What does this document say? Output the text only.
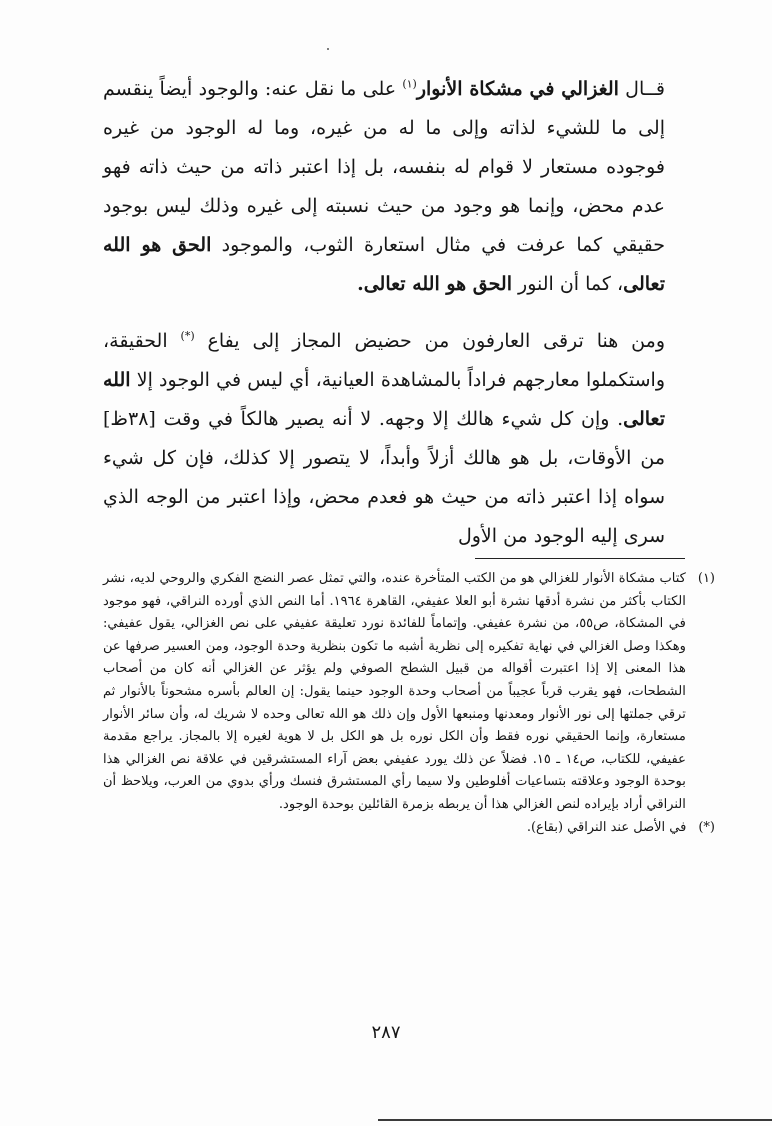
قــال الغزالي في مشكاة الأنوار$^{(١)}$ على ما نقل عنه: والوجود أيضاً ينقسم إلى ما للشيء لذاته وإلى ما له من غيره، وما له الوجود من غيره فوجوده مستعار لا قوام له بنفسه، بل إذا اعتبر ذاته من حيث ذاته فهو عدم محض، وإنما هو وجود من حيث نسبته إلى غيره وذلك ليس بوجود حقيقي كما عرفت في مثال استعارة الثوب، والموجود الحق هو الله تعالى، كما أن النور الحق هو الله تعالى.

ومن هنا ترقى العارفون من حضيض المجاز إلى يفاع (*) الحقيقة، واستكملوا معارجهم فراداً بالمشاهدة العيانية، أي ليس في الوجود إلا الله تعالى. وإن كل شيء هالك إلا وجهه. لا أنه يصير هالكاً في وقت [٣٨ظ] من الأوقات، بل هو هالك أزلاً وأبداً، لا يتصور إلا كذلك، فإن كل شيء سواه إذا اعتبر ذاته من حيث هو فعدم محض، وإذا اعتبر من الوجه الذي سرى إليه الوجود من الأول

(١)
كتاب مشكاة الأنوار للغزالي هو من الكتب المتأخرة عنده، والتي تمثل عصر النضج الفكري والروحي لديه، نشر الكتاب بأكثر من نشرة أدقها نشرة أبو العلا عفيفي، القاهرة ١٩٦٤. أما النص الذي أورده النراقي، فهو موجود في المشكاة، ص٥٥، من نشرة عفيفي. وإتماماً للفائدة نورد تعليقة عفيفي على نص الغزالي، يقول عفيفي: وهكذا وصل الغزالي في نهاية تفكيره إلى نظرية أشبه ما تكون بنظرية وحدة الوجود، ومن العسير صرفها عن هذا المعنى إلا إذا اعتبرت أقواله من قبيل الشطح الصوفي ولم يؤثر عن الغزالي أنه كان من أصحاب الشطحات، فهو يقرب قرباً عجيباً من أصحاب وحدة الوجود حينما يقول: إن العالم بأسره مشحوناً بالأنوار ثم ترقي جملتها إلى نور الأنوار ومعدنها ومنبعها الأول وإن ذلك هو الله تعالى وحده لا شريك له، وأن سائر الأنوار مستعارة، وإنما الحقيقي نوره فقط وأن الكل نوره بل هو الكل بل لا هوية لغيره إلا بالمجاز. يراجع مقدمة عفيفي، للكتاب، ص١٤ ـ ١٥. فضلاً عن ذلك يورد عفيفي بعض آراء المستشرقين في علاقة نص الغزالي هذا بوحدة الوجود وعلاقته بتساعيات أفلوطين ولا سيما رأي المستشرق فنسك ورأي بدوي من العرب، ويلاحظ أن النراقي أراد بإيراده لنص الغزالي هذا أن يربطه بزمرة القائلين بوحدة الوجود.
(*)
في الأصل عند النراقي (بقاع).
٢٨٧
